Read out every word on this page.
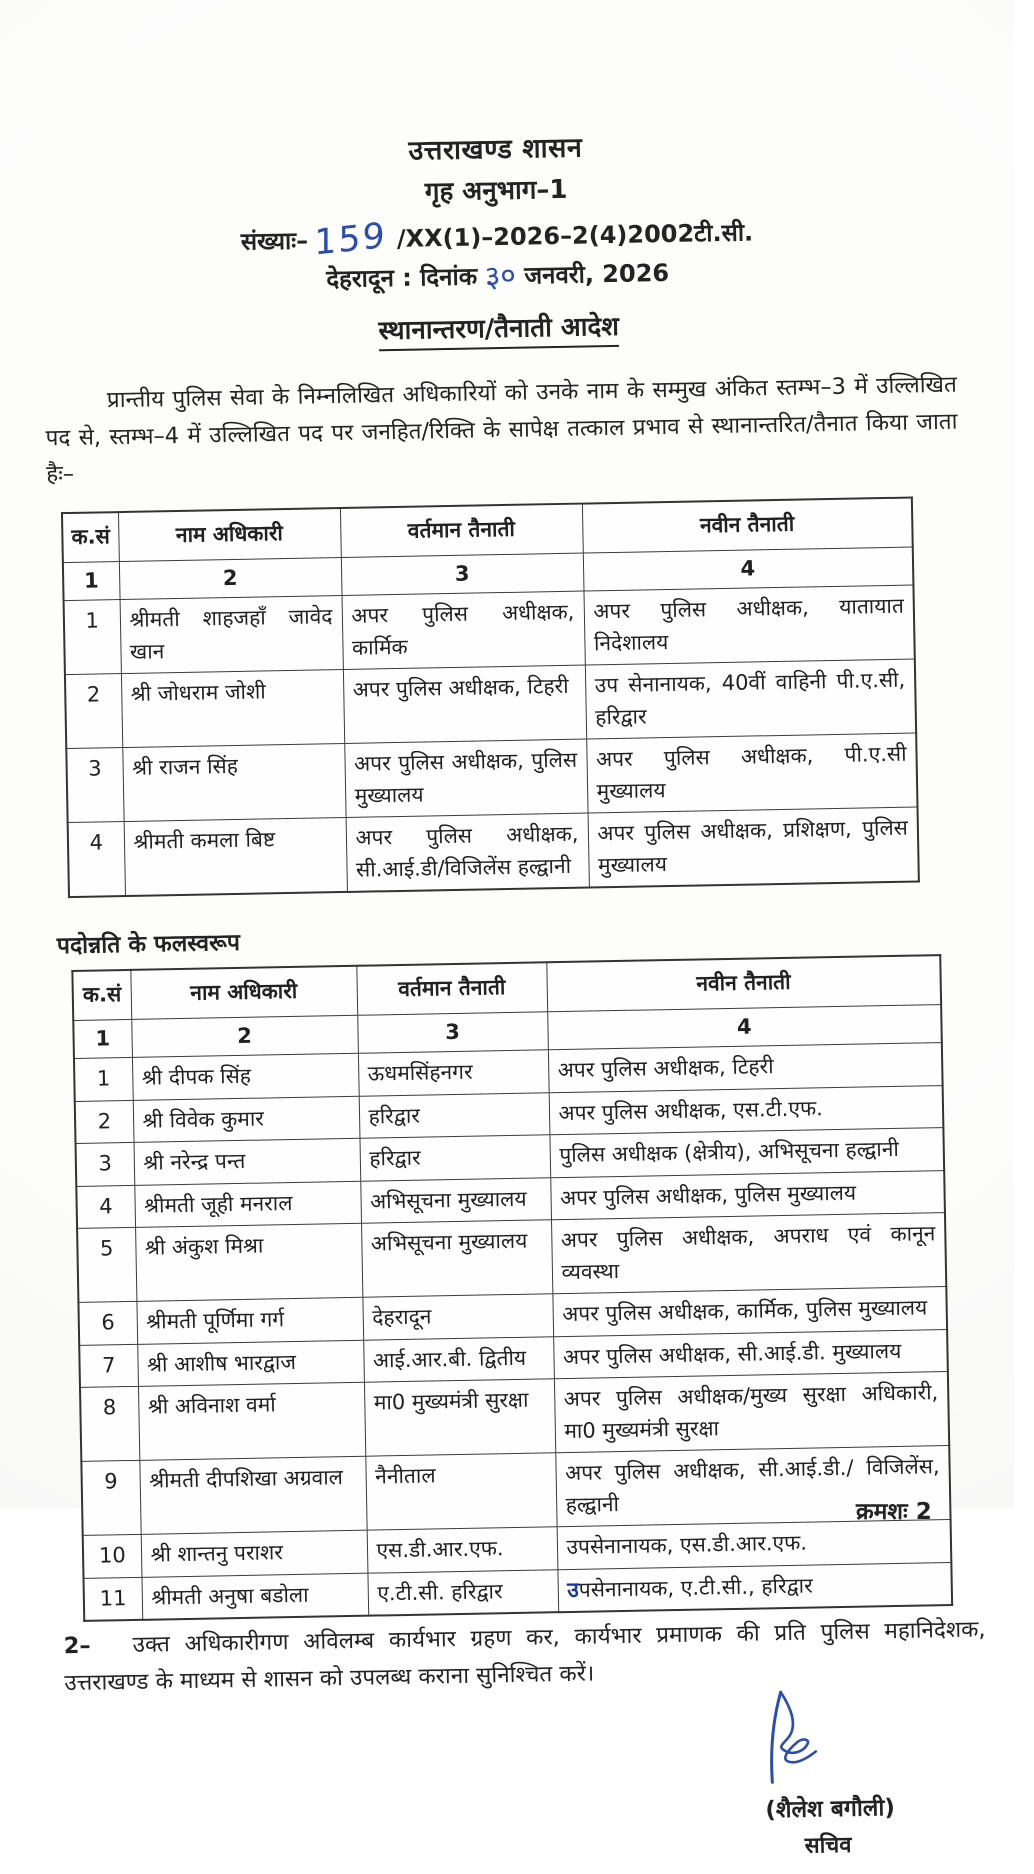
उत्तराखण्ड शासन
गृह अनुभाग–1
संख्याः– 159 /XX(1)–2026–2(4)2002टी.सी.
देहरादून : दिनांक ३० जनवरी, 2026
स्थानान्तरण/तैनाती आदेश

प्रान्तीय पुलिस सेवा के निम्नलिखित अधिकारियों को उनके नाम के सम्मुख अंकित स्तम्भ–3 में उल्लिखित पद से, स्तम्भ–4 में उल्लिखित पद पर जनहित/रिक्ति के सापेक्ष तत्काल प्रभाव से स्थानान्तरित/तैनात किया जाता हैः–

क.सं	नाम अधिकारी	वर्तमान तैनाती	नवीन तैनाती
1	2	3	4
1	श्रीमती शाहजहाँ जावेद खान	अपर पुलिस अधीक्षक, कार्मिक	अपर पुलिस अधीक्षक, यातायात निदेशालय
2	श्री जोधराम जोशी	अपर पुलिस अधीक्षक, टिहरी	उप सेनानायक, 40वीं वाहिनी पी.ए.सी, हरिद्वार
3	श्री राजन सिंह	अपर पुलिस अधीक्षक, पुलिस मुख्यालय	अपर पुलिस अधीक्षक, पी.ए.सी मुख्यालय
4	श्रीमती कमला बिष्ट	अपर पुलिस अधीक्षक, सी.आई.डी/विजिलेंस हल्द्वानी	अपर पुलिस अधीक्षक, प्रशिक्षण, पुलिस मुख्यालय
पदोन्नति के फलस्वरूप
क.सं	नाम अधिकारी	वर्तमान तैनाती	नवीन तैनाती
1	2	3	4
1	श्री दीपक सिंह	ऊधमसिंहनगर	अपर पुलिस अधीक्षक, टिहरी
2	श्री विवेक कुमार	हरिद्वार	अपर पुलिस अधीक्षक, एस.टी.एफ.
3	श्री नरेन्द्र पन्त	हरिद्वार	पुलिस अधीक्षक (क्षेत्रीय), अभिसूचना हल्द्वानी
4	श्रीमती जूही मनराल	अभिसूचना मुख्यालय	अपर पुलिस अधीक्षक, पुलिस मुख्यालय
5	श्री अंकुश मिश्रा	अभिसूचना मुख्यालय	अपर पुलिस अधीक्षक, अपराध एवं कानून व्यवस्था
6	श्रीमती पूर्णिमा गर्ग	देहरादून	अपर पुलिस अधीक्षक, कार्मिक, पुलिस मुख्यालय
7	श्री आशीष भारद्वाज	आई.आर.बी. द्वितीय	अपर पुलिस अधीक्षक, सी.आई.डी. मुख्यालय
8	श्री अविनाश वर्मा	मा0 मुख्यमंत्री सुरक्षा	अपर पुलिस अधीक्षक/मुख्य सुरक्षा अधिकारी, मा0 मुख्यमंत्री सुरक्षा
9	श्रीमती दीपशिखा अग्रवाल	नैनीताल	अपर पुलिस अधीक्षक, सी.आई.डी./ विजिलेंस, हल्द्वानी
10	श्री शान्तनु पराशर	एस.डी.आर.एफ.	उपसेनानायक, एस.डी.आर.एफ.
11	श्रीमती अनुषा बडोला	ए.टी.सी. हरिद्वार	उपसेनानायक, ए.टी.सी., हरिद्वार

2– उक्त अधिकारीगण अविलम्ब कार्यभार ग्रहण कर, कार्यभार प्रमाणक की प्रति पुलिस महानिदेशक, उत्तराखण्ड के माध्यम से शासन को उपलब्ध कराना सुनिश्चित करें।

(शैलेश बगौली)
सचिव
क्रमशः 2
